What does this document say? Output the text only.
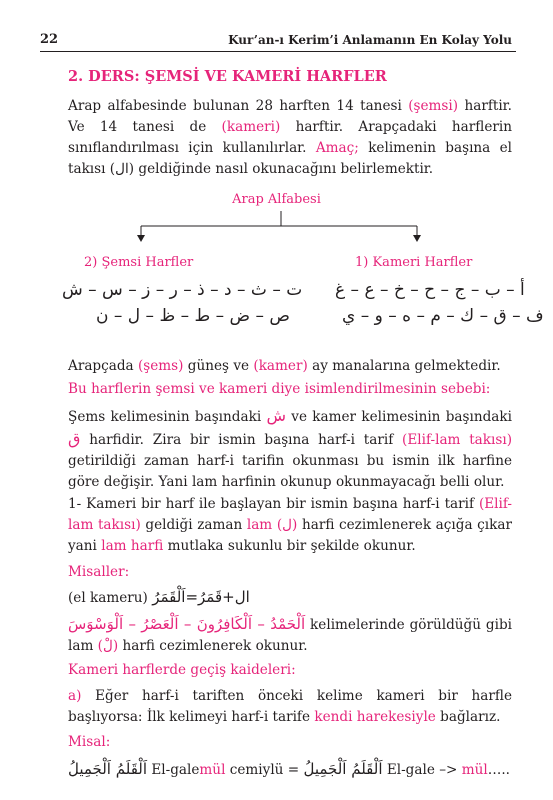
22	Kur’an-ı Kerim’i Anlamanın En Kolay Yolu
2. DERS: ŞEMSİ VE KAMERİ HARFLER

Arap alfabesinde bulunan 28 harften 14 tanesi (şemsi) harftir. Ve 14 tanesi de (kameri) harftir. Arapçadaki harflerin sınıflandırılması için kullanılırlar. Amaç; kelimenin başına el takısı (ال) geldiğinde nasıl okunacağını belirlemektir.

Arap Alfabesi
2) Şemsi Harfler	1) Kameri Harfler
ت – ث – د – ذ – ر – ز – س – ش
ص – ض – ط – ظ – ل – ن
أ – ب – ج – ح – خ – ع – غ
ف – ق – ك – م – ه – و – ي

Arapçada (şems) güneş ve (kamer) ay manalarına gelmektedir.

Bu harflerin şemsi ve kameri diye isimlendirilmesinin sebebi:

Şems kelimesinin başındaki ش ve kamer kelimesinin başındaki ق harfidir. Zira bir ismin başına harf-i tarif (Elif-lam takısı) getirildiği zaman harf-i tarifin okunması bu ismin ilk harfine göre değişir. Yani lam harfinin okunup okunmayacağı belli olur.

1- Kameri bir harf ile başlayan bir ismin başına harf-i tarif (Elif-lam takısı) geldiği zaman lam (ل) harfi cezimlenerek açığa çıkar yani lam harfi mutlaka sukunlu bir şekilde okunur.

Misaller:
(el kameru) ال+قَمَرُ=اَلْقَمَرُ

اَلْحَمْدُ – اَلْكَافِرُونَ – اَلْعَصْرُ – اَلْوَسْوَسَ kelimelerinde görüldüğü gibi lam (لْ) harfi cezimlenerek okunur.

Kameri harflerde geçiş kaideleri:

a) Eğer harf-i tariften önceki kelime kameri bir harfle başlıyorsa: İlk kelimeyi harf-i tarife kendi harekesiyle bağlarız.

Misal:
اَلْقَلَمُ اَلْجَمِيلُ El-galemül cemiylü = اَلْقَلَمُ اَلْجَمِيلُ El-gale –> mül…..
